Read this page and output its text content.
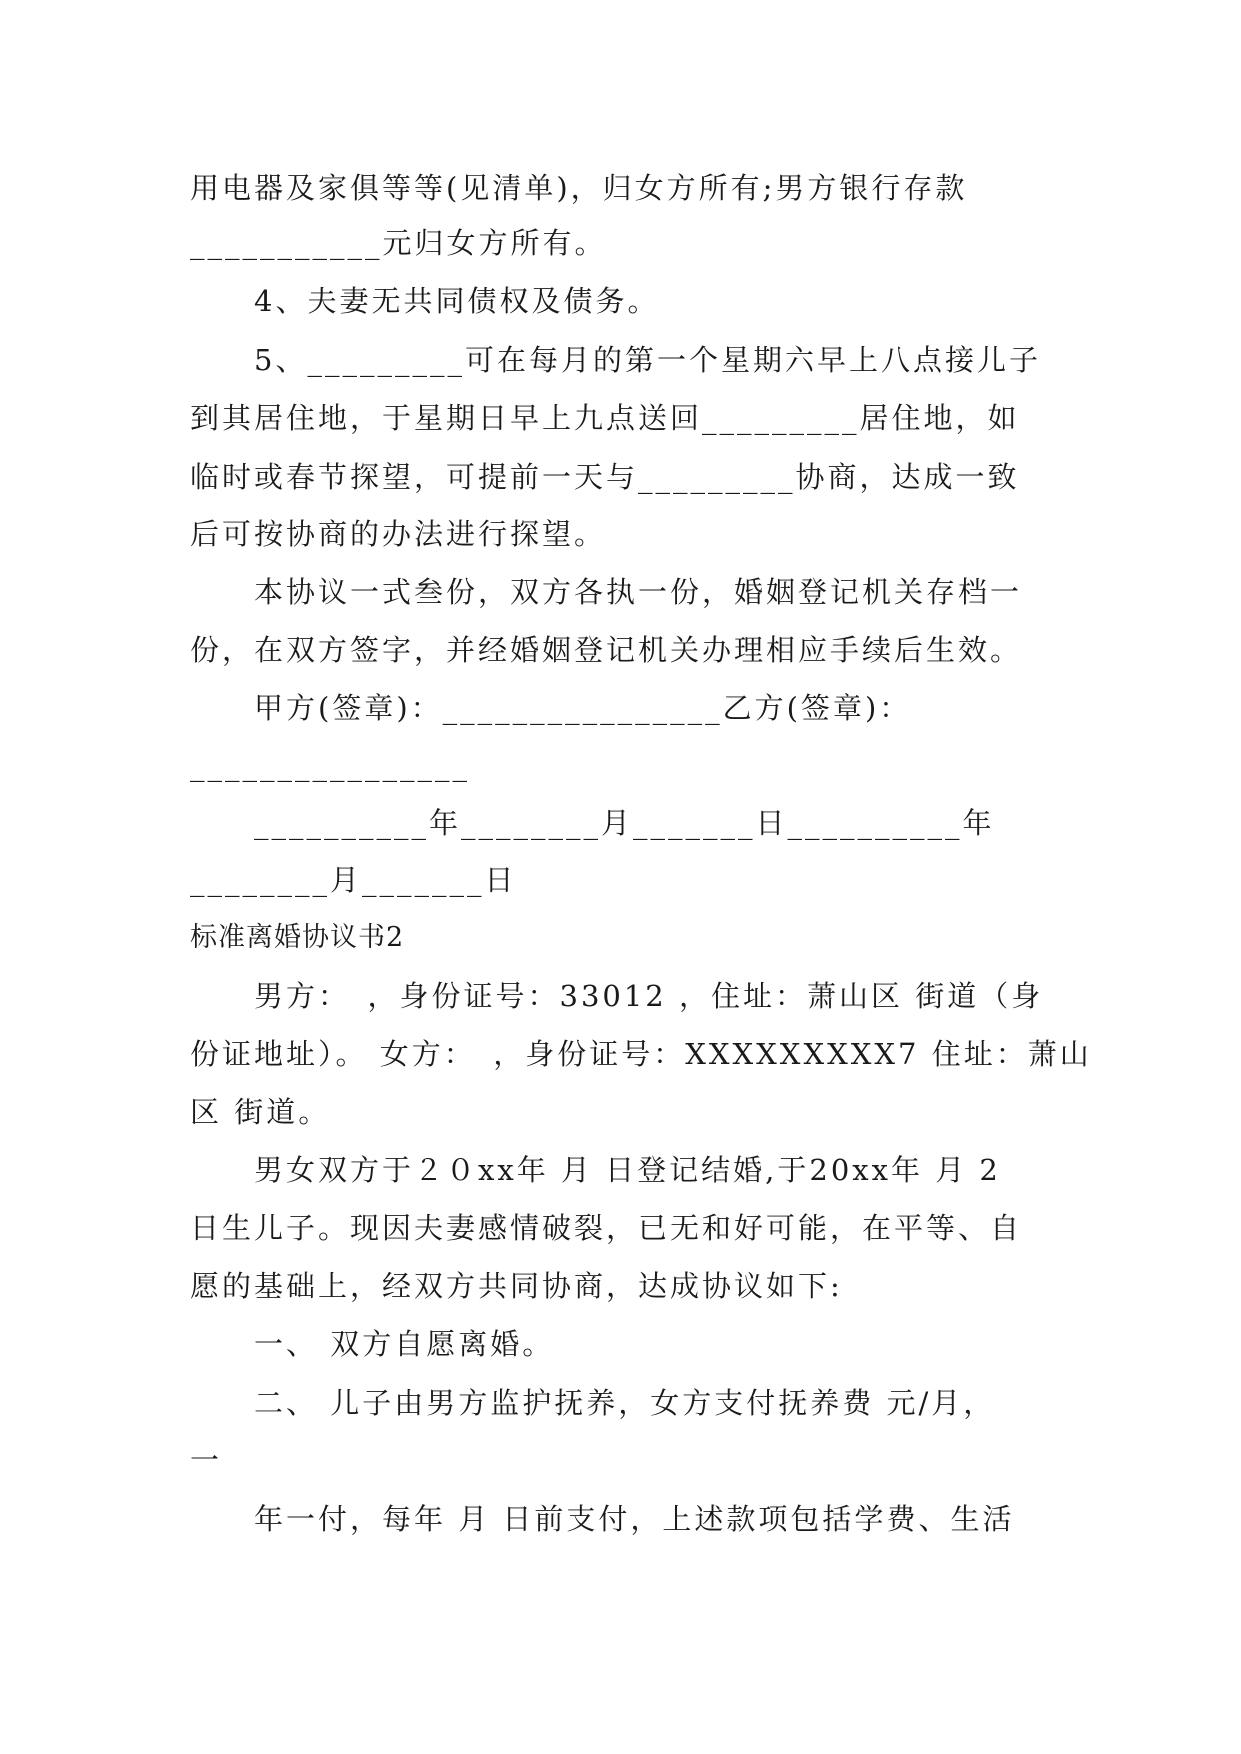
用电器及家俱等等(见清单)，归女方所有;男方银行存款
___________元归女方所有。
　　4、夫妻无共同债权及债务。
　　5、_________可在每月的第一个星期六早上八点接儿子
到其居住地，于星期日早上九点送回_________居住地，如
临时或春节探望，可提前一天与_________协商，达成一致
后可按协商的办法进行探望。
　　本协议一式叁份，双方各执一份，婚姻登记机关存档一
份，在双方签字，并经婚姻登记机关办理相应手续后生效。
　　甲方(签章)：________________乙方(签章)：
________________
　　__________年________月_______日__________年
________月_______日
标准离婚协议书2
　　男方：　，身份证号：33012 ，住址：萧山区 街道（身
份证地址）。 女方：　，身份证号：XXXXXXXXX7 住址：萧山
区 街道。
　　男女双方于２０xx年 月 日登记结婚,于20xx年 月 2
日生儿子。现因夫妻感情破裂，已无和好可能，在平等、自
愿的基础上，经双方共同协商，达成协议如下:
　　一、 双方自愿离婚。
　　二、 儿子由男方监护抚养，女方支付抚养费 元/月，
一
　　年一付，每年 月 日前支付，上述款项包括学费、生活
